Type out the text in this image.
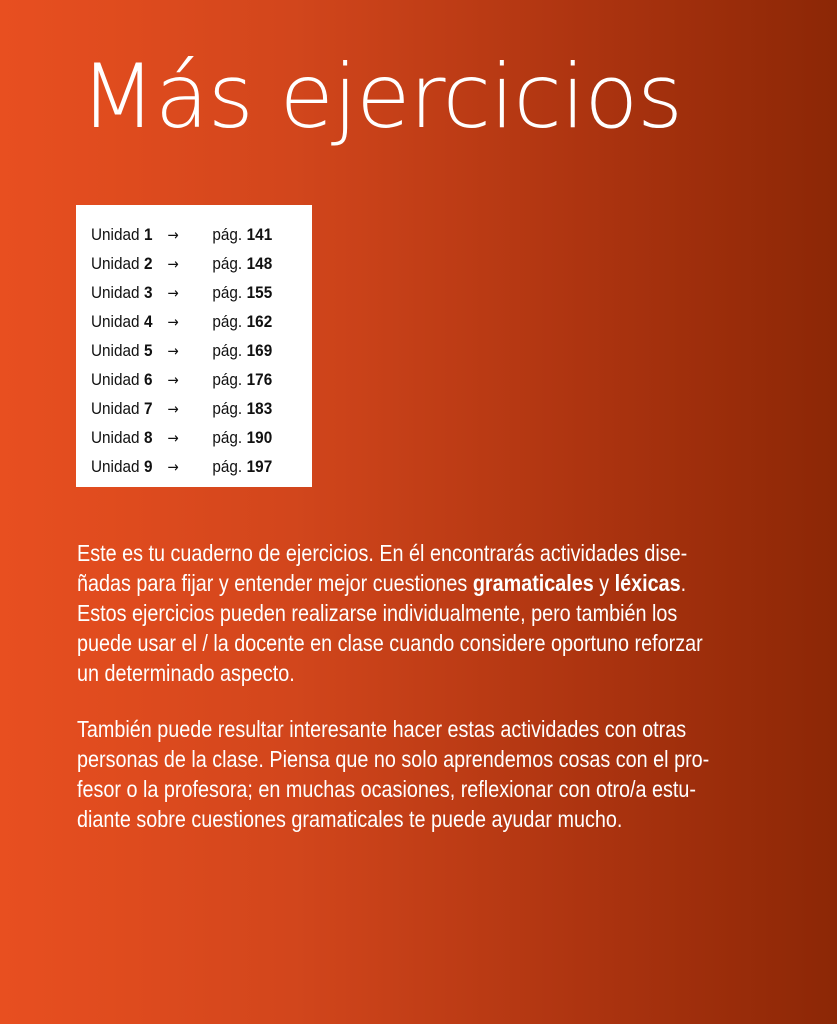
Más ejercicios
Unidad 1 →	pág. 141
Unidad 2 →	pág. 148
Unidad 3 →	pág. 155
Unidad 4 →	pág. 162
Unidad 5 →	pág. 169
Unidad 6 →	pág. 176
Unidad 7 →	pág. 183
Unidad 8 →	pág. 190
Unidad 9 →	pág. 197

Este es tu cuaderno de ejercicios. En él encontrarás actividades dise-
ñadas para fijar y entender mejor cuestiones gramaticales y léxicas.
Estos ejercicios pueden realizarse individualmente, pero también los
puede usar el / la docente en clase cuando considere oportuno reforzar
un determinado aspecto.

También puede resultar interesante hacer estas actividades con otras
personas de la clase. Piensa que no solo aprendemos cosas con el pro-
fesor o la profesora; en muchas ocasiones, reflexionar con otro/a estu-
diante sobre cuestiones gramaticales te puede ayudar mucho.
